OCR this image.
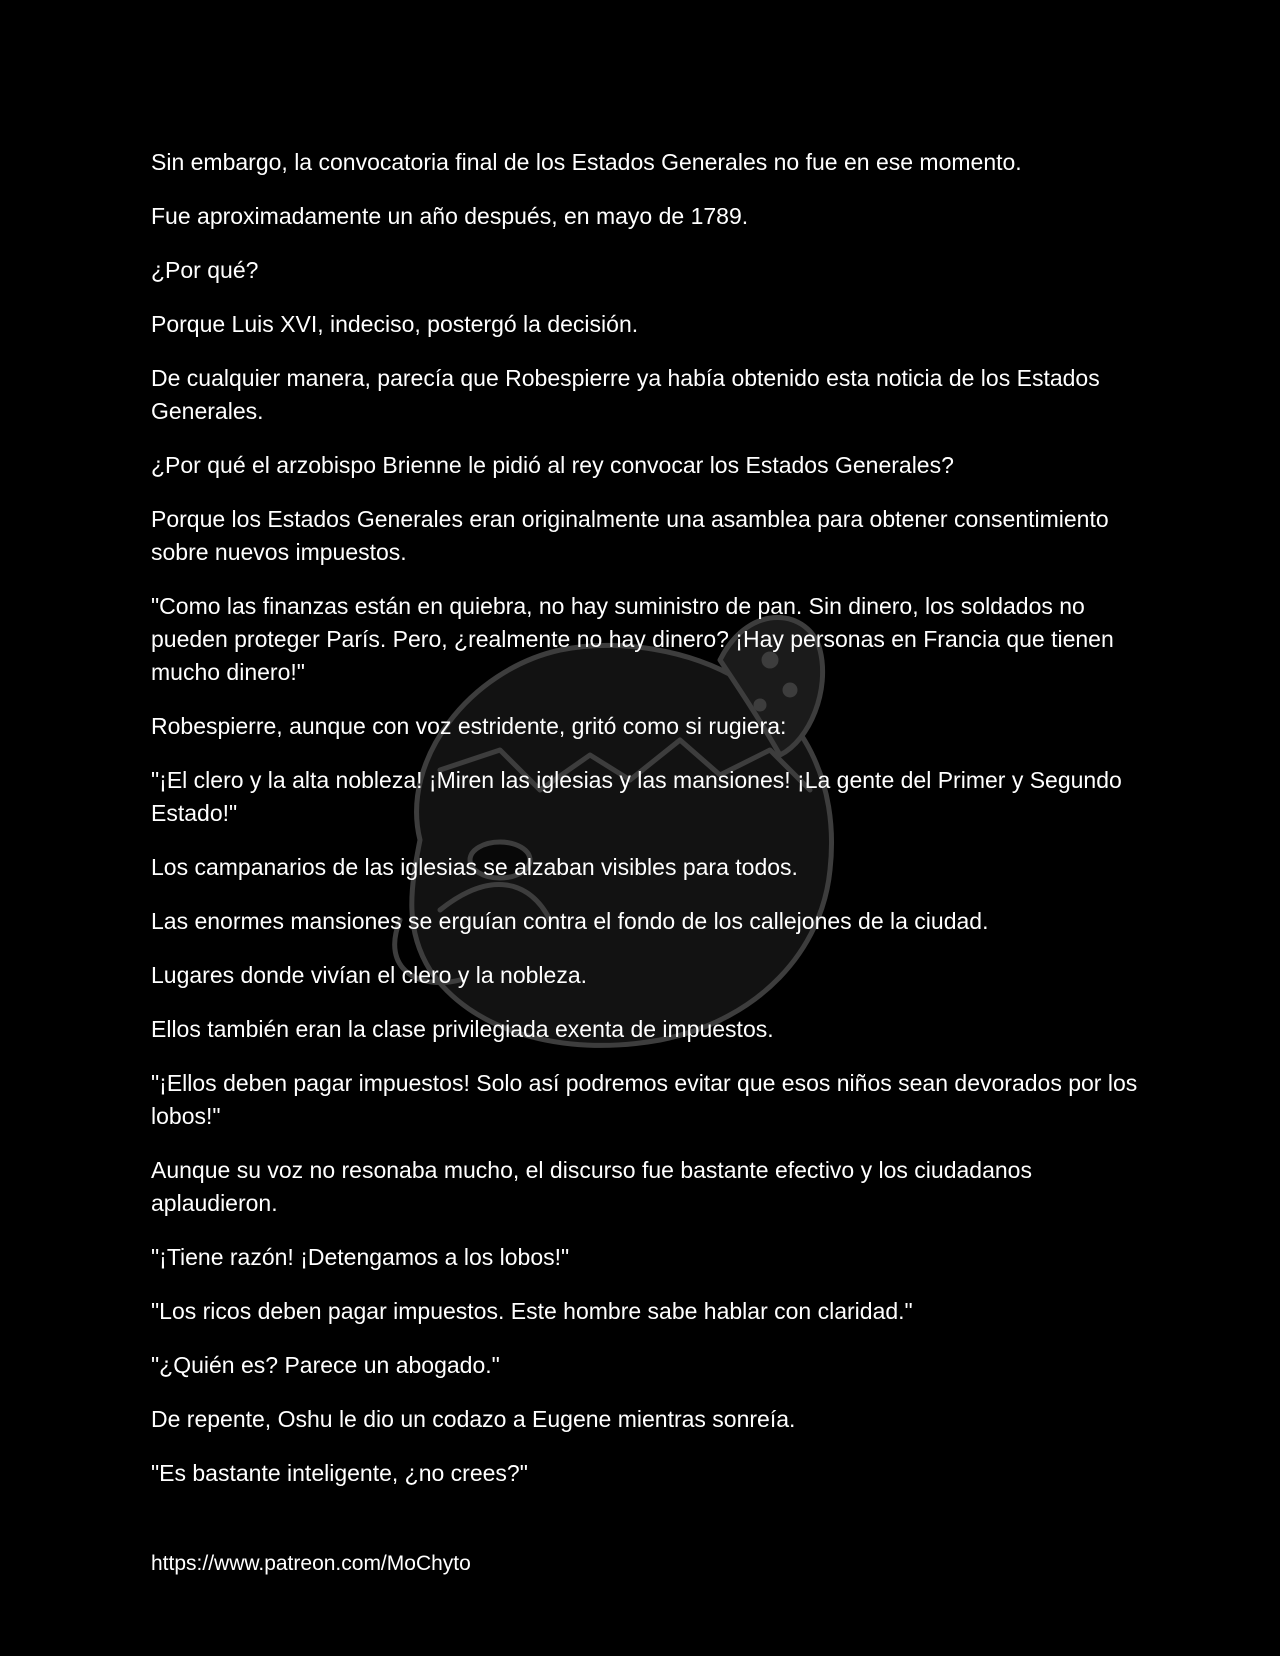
Sin embargo, la convocatoria final de los Estados Generales no fue en ese momento.

Fue aproximadamente un año después, en mayo de 1789.

¿Por qué?

Porque Luis XVI, indeciso, postergó la decisión.

De cualquier manera, parecía que Robespierre ya había obtenido esta noticia de los Estados Generales.

¿Por qué el arzobispo Brienne le pidió al rey convocar los Estados Generales?

Porque los Estados Generales eran originalmente una asamblea para obtener consentimiento sobre nuevos impuestos.

"Como las finanzas están en quiebra, no hay suministro de pan. Sin dinero, los soldados no pueden proteger París. Pero, ¿realmente no hay dinero? ¡Hay personas en Francia que tienen mucho dinero!"

Robespierre, aunque con voz estridente, gritó como si rugiera:

"¡El clero y la alta nobleza! ¡Miren las iglesias y las mansiones! ¡La gente del Primer y Segundo Estado!"

Los campanarios de las iglesias se alzaban visibles para todos.

Las enormes mansiones se erguían contra el fondo de los callejones de la ciudad.

Lugares donde vivían el clero y la nobleza.

Ellos también eran la clase privilegiada exenta de impuestos.

"¡Ellos deben pagar impuestos! Solo así podremos evitar que esos niños sean devorados por los lobos!"

Aunque su voz no resonaba mucho, el discurso fue bastante efectivo y los ciudadanos aplaudieron.

"¡Tiene razón! ¡Detengamos a los lobos!"

"Los ricos deben pagar impuestos. Este hombre sabe hablar con claridad."

"¿Quién es? Parece un abogado."

De repente, Oshu le dio un codazo a Eugene mientras sonreía.

"Es bastante inteligente, ¿no crees?"

https://www.patreon.com/MoChyto
